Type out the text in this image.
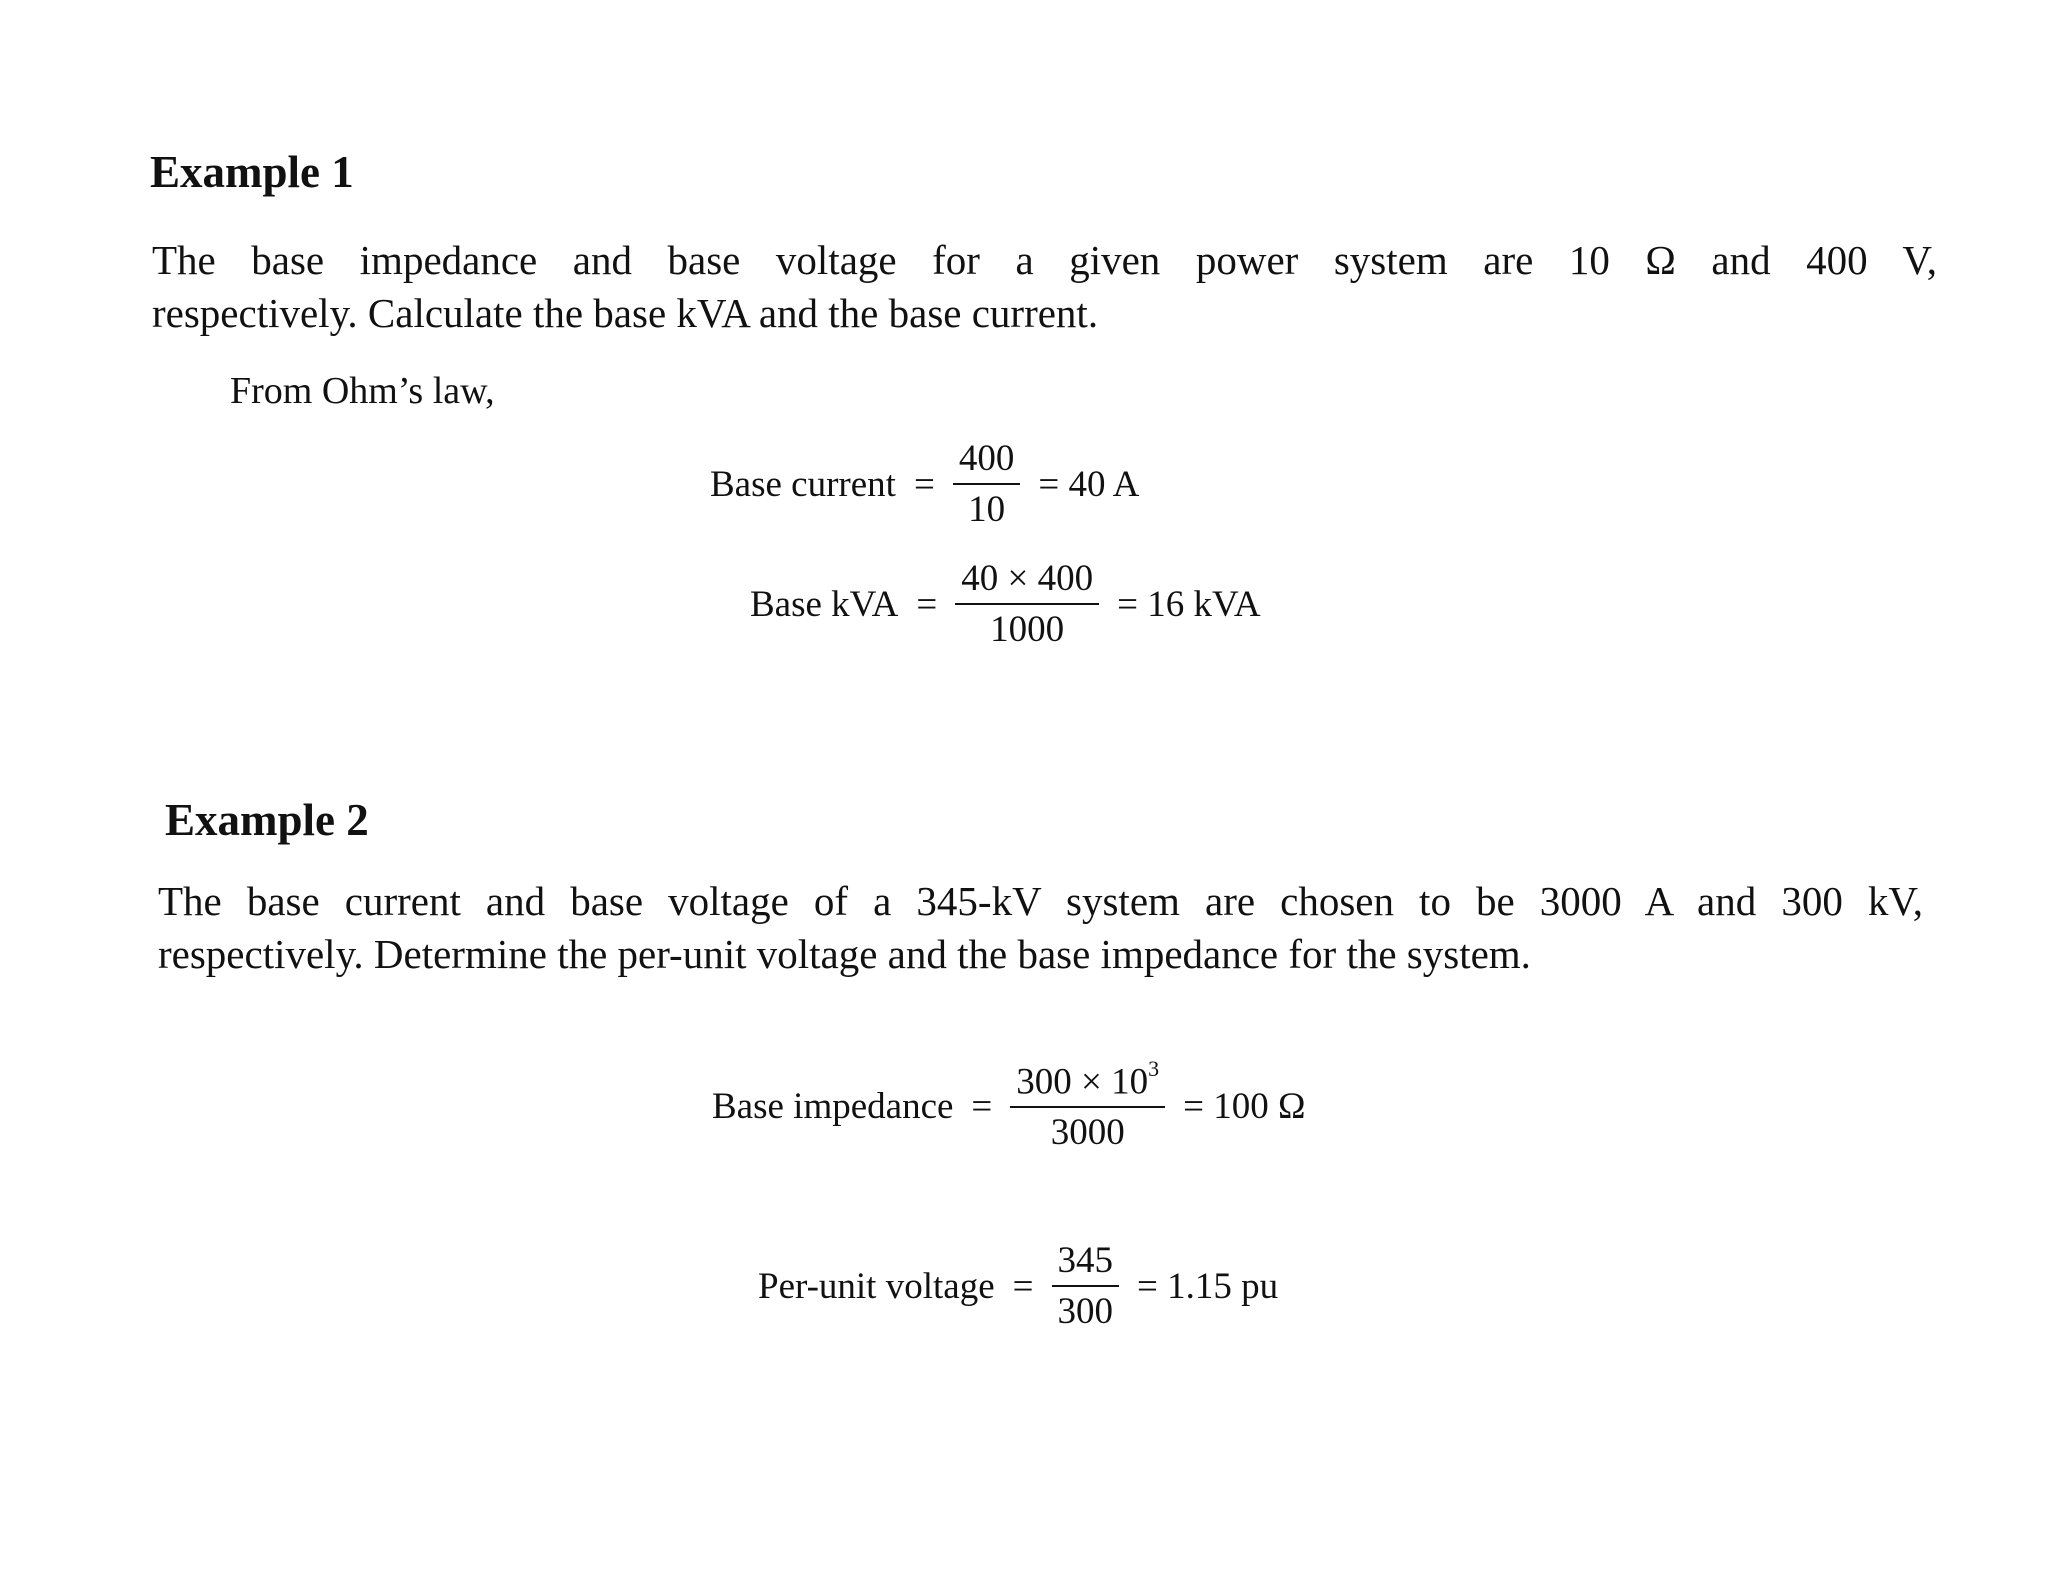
Example 1
The base impedance and base voltage for a given power system are 10 Ω and 400 V,
respectively. Calculate the base kVA and the base current.
From Ohm’s law,
Base current = $\frac{400}{10} = 40$ A
Base kVA = $\frac{40 \times 400}{1000} = 16$ kVA
Example 2
The base current and base voltage of a 345-kV system are chosen to be 3000 A and 300 kV,
respectively. Determine the per-unit voltage and the base impedance for the system.
Base impedance = $\frac{300 \times 10^3}{3000} = 100$ Ω
Per-unit voltage = $\frac{345}{300} = 1.15$ pu
